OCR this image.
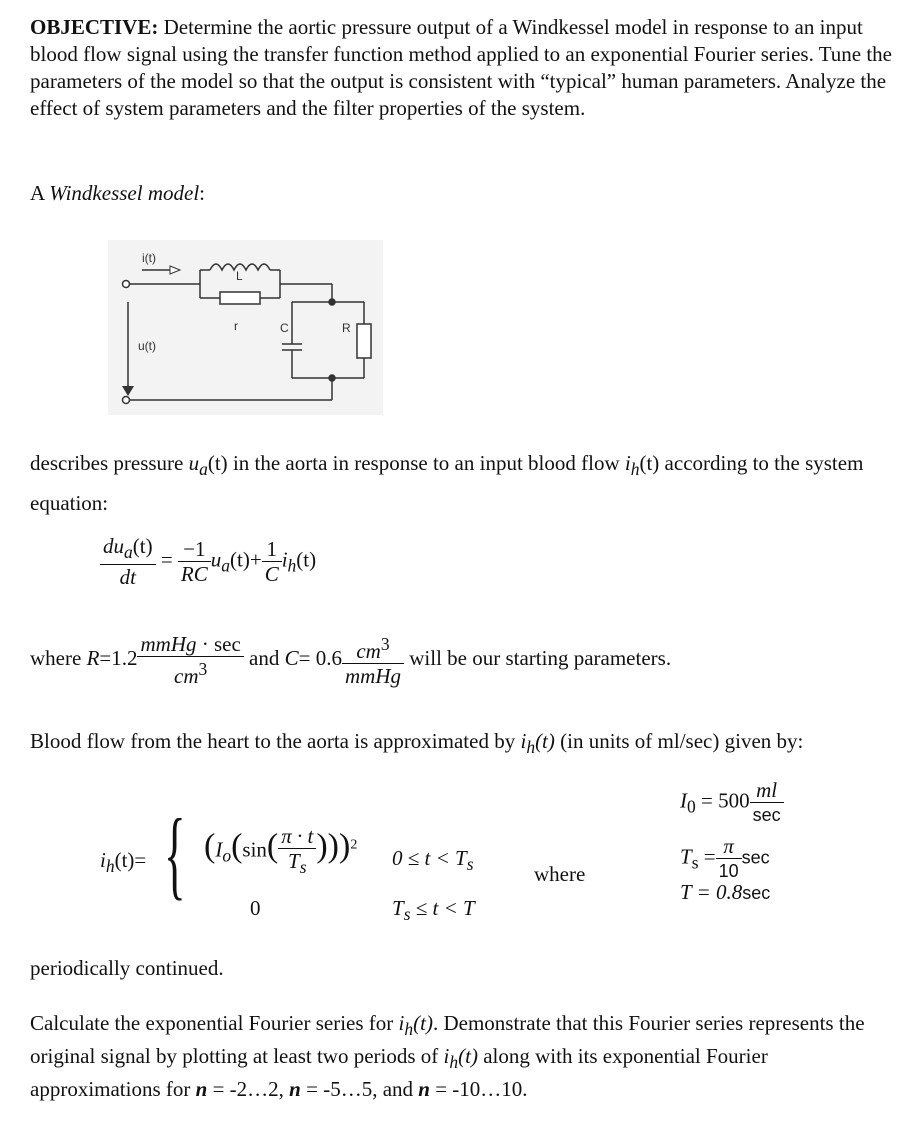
OBJECTIVE: Determine the aortic pressure output of a Windkessel model in response to an input blood flow signal using the transfer function method applied to an exponential Fourier series. Tune the parameters of the model so that the output is consistent with “typical” human parameters. Analyze the effect of system parameters and the filter properties of the system.

A Windkessel model:

i(t)
u(t)
L
r	C	R

describes pressure $u_a(t)$ in the aorta in response to an input blood flow $i_h(t)$ according to the system equation:

$\frac{du_a(t)}{dt} = \frac{-1}{RC} u_a(t)+ \frac{1}{C} i_h(t)$
where $R=1.2 \frac{\text{mmHg · sec}}{cm^3}$ and $C= 0.6 \frac{cm^3}{\text{mmHg}}$ will be our starting parameters.

Blood flow from the heart to the aorta is approximated by $i_h(t)$ (in units of ml/sec) given by:

$i_h(t)=$ { $(I_o(\sin( \frac{\pi \cdot t}{T_s} )))^2$
0
$0 \le t < T_s$
$T_s \le t < T$
where
$I_0 = 500 \frac{ml}{\sec}$
$T_s = \frac{\pi}{10}$ sec
T = 0.8sec

periodically continued.

Calculate the exponential Fourier series for $i_h(t)$. Demonstrate that this Fourier series represents the original signal by plotting at least two periods of $i_h(t)$ along with its exponential Fourier approximations for n = -2…2, n = -5…5, and n = -10…10.
